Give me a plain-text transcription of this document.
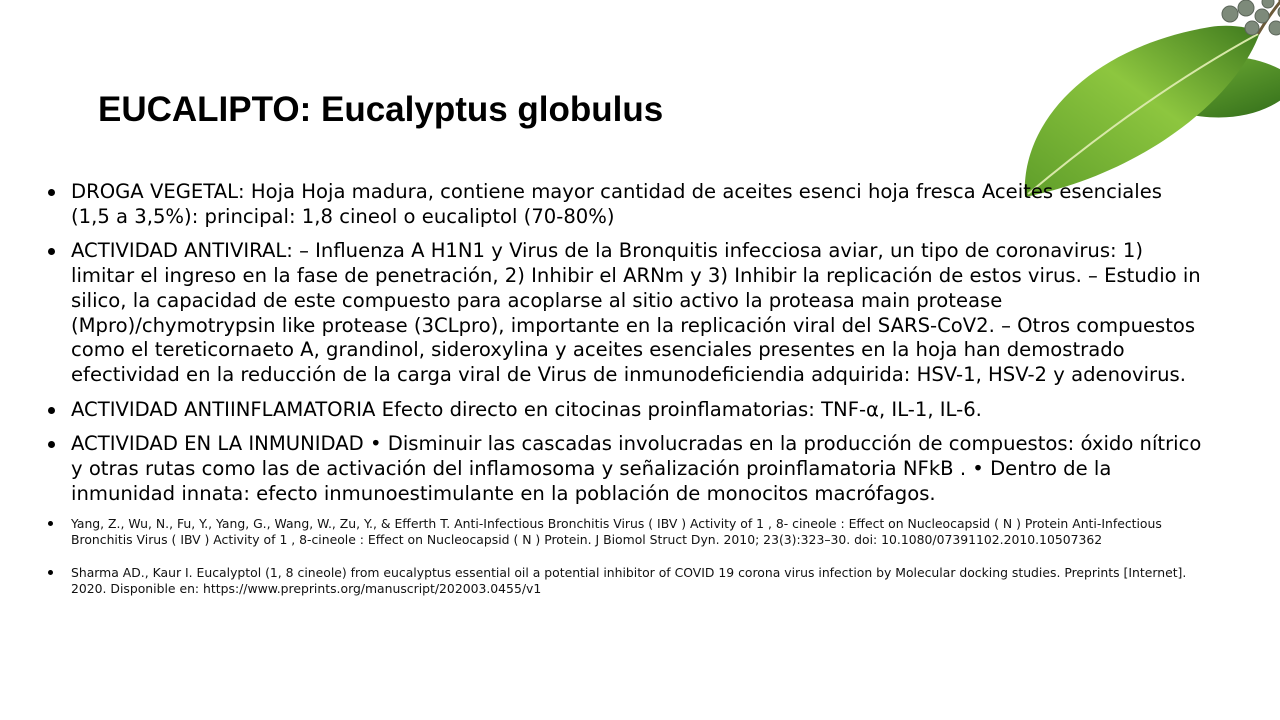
EUCALIPTO: Eucalyptus globulus
DROGA VEGETAL: Hoja Hoja madura, contiene mayor cantidad de aceites esenci hoja fresca Aceites esenciales (1,5 a 3,5%): principal: 1,8 cineol o eucaliptol (70-80%)
ACTIVIDAD ANTIVIRAL: – Influenza A H1N1 y Virus de la Bronquitis infecciosa aviar, un tipo de coronavirus: 1) limitar el ingreso en la fase de penetración, 2) Inhibir el ARNm y 3) Inhibir la replicación de estos virus. – Estudio in silico, la capacidad de este compuesto para acoplarse al sitio activo la proteasa main protease (Mpro)/chymotrypsin like protease (3CLpro), importante en la replicación viral del SARS-CoV2. – Otros compuestos como el tereticornaeto A, grandinol, sideroxylina y aceites esenciales presentes en la hoja han demostrado efectividad en la reducción de la carga viral de Virus de inmunodeficiendia adquirida: HSV-1, HSV-2 y adenovirus.
ACTIVIDAD ANTIINFLAMATORIA Efecto directo en citocinas proinflamatorias: TNF-α, IL-1, IL-6.
ACTIVIDAD EN LA INMUNIDAD • Disminuir las cascadas involucradas en la producción de compuestos: óxido nítrico y otras rutas como las de activación del inflamosoma y señalización proinflamatoria NFkB . • Dentro de la inmunidad innata: efecto inmunoestimulante en la población de monocitos macrófagos.
Yang, Z., Wu, N., Fu, Y., Yang, G., Wang, W., Zu, Y., & Efferth T. Anti-Infectious Bronchitis Virus ( IBV ) Activity of 1 , 8- cineole : Effect on Nucleocapsid ( N ) Protein Anti-Infectious Bronchitis Virus ( IBV ) Activity of 1 , 8-cineole : Effect on Nucleocapsid ( N ) Protein. J Biomol Struct Dyn. 2010; 23(3):323–30. doi: 10.1080/07391102.2010.10507362
Sharma AD., Kaur I. Eucalyptol (1, 8 cineole) from eucalyptus essential oil a potential inhibitor of COVID 19 corona virus infection by Molecular docking studies. Preprints [Internet]. 2020. Disponible en: https://www.preprints.org/manuscript/202003.0455/v1
